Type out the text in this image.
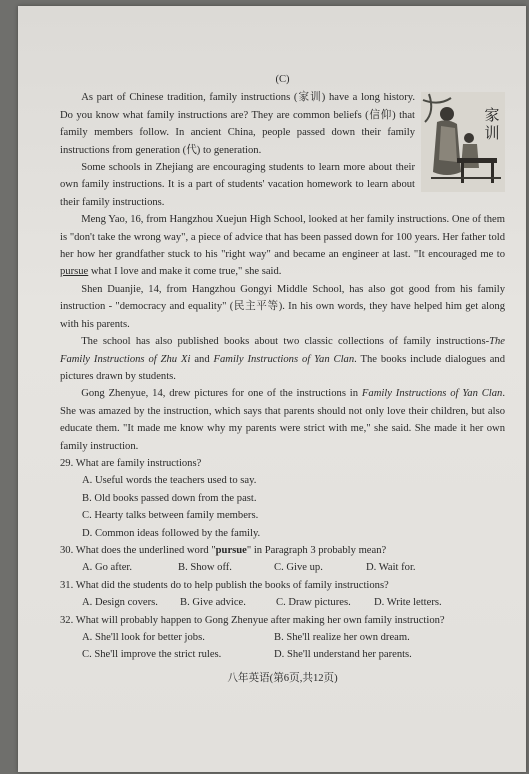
(C)
家训

As part of Chinese tradition, family instructions (家训) have a long history. Do you know what family instructions are? They are common beliefs (信仰) that family members follow. In ancient China, people passed down their family instructions from generation (代) to generation.

Some schools in Zhejiang are encouraging students to learn more about their own family instructions. It is a part of students' vacation homework to learn about their family instructions.

Meng Yao, 16, from Hangzhou Xuejun High School, looked at her family instructions. One of them is "don't take the wrong way", a piece of advice that has been passed down for 100 years. Her father told her how her grandfather stuck to his "right way" and became an engineer at last. "It encouraged me to pursue what I love and make it come true," she said.

Shen Duanjie, 14, from Hangzhou Gongyi Middle School, has also got good from his family instruction - "democracy and equality" (民主平等). In his own words, they have helped him get along with his parents.

The school has also published books about two classic collections of family instructions-The Family Instructions of Zhu Xi and Family Instructions of Yan Clan. The books include dialogues and pictures drawn by students.

Gong Zhenyue, 14, drew pictures for one of the instructions in Family Instructions of Yan Clan. She was amazed by the instruction, which says that parents should not only love their children, but also educate them. "It made me know why my parents were strict with me," she said. She made it her own family instruction.

29. What are family instructions?

A. Useful words the teachers used to say.

B. Old books passed down from the past.

C. Hearty talks between family members.

D. Common ideas followed by the family.

30. What does the underlined word "pursue" in Paragraph 3 probably mean?

A. Go after.	B. Show off.	C. Give up.	D. Wait for.

31. What did the students do to help publish the books of family instructions?

A. Design covers.	B. Give advice.	C. Draw pictures.	D. Write letters.

32. What will probably happen to Gong Zhenyue after making her own family instruction?

A. She'll look for better jobs.	B. She'll realize her own dream.
C. She'll improve the strict rules.	D. She'll understand her parents.
八年英语(第6页,共12页)
